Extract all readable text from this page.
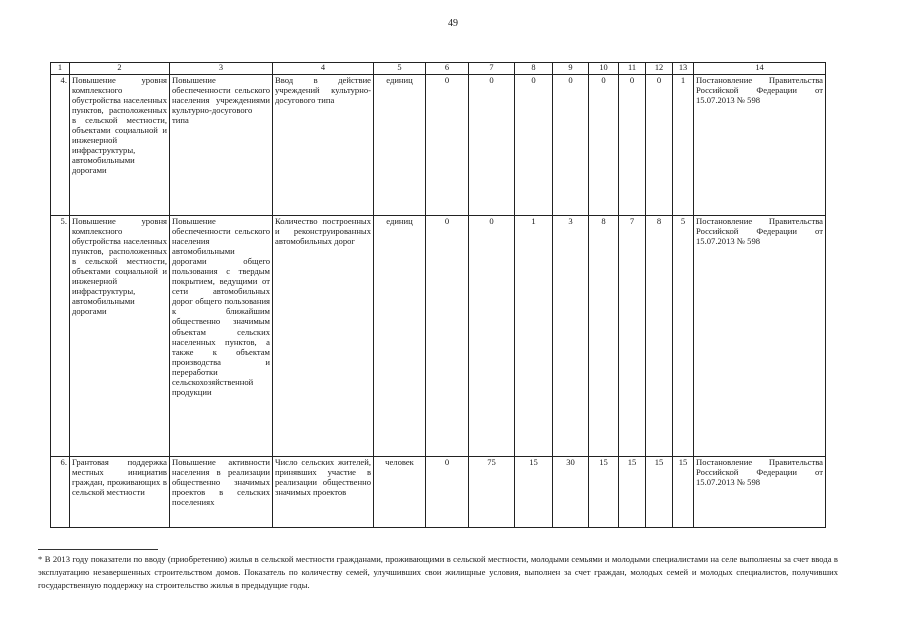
49
1	2	3	4	5	6	7	8	9	10	11	12	13	14
4.	Повышение уровня комплексного обустройства населенных пунктов, расположенных в сельской местности, объектами социальной и инженерной инфраструктуры, автомобильными дорогами	Повышение обеспеченности сельского населения учреждениями культурно-досугового типа	Ввод в действие учреждений культурно-досугового типа	единиц	0	0	0	0	0	0	0	1	Постановление Правительства Российской Федерации от 15.07.2013 № 598
5.	Повышение уровня комплексного обустройства населенных пунктов, расположенных в сельской местности, объектами социальной и инженерной инфраструктуры, автомобильными дорогами	Повышение обеспеченности сельского населения автомобильными дорогами общего пользования с твердым покрытием, ведущими от сети автомобильных дорог общего пользования к ближайшим общественно значимым объектам сельских населенных пунктов, а также к объектам производства и переработки сельскохозяйственной продукции	Количество построенных и реконструированных автомобильных дорог	единиц	0	0	1	3	8	7	8	5	Постановление Правительства Российской Федерации от 15.07.2013 № 598
6.	Грантовая поддержка местных инициатив граждан, проживающих в сельской местности	Повышение активности населения в реализации общественно значимых проектов в сельских поселениях	Число сельских жителей, принявших участие в реализации общественно значимых проектов	человек	0	75	15	30	15	15	15	15	Постановление Правительства Российской Федерации от 15.07.2013 № 598
* В 2013 году показатели по вводу (приобретению) жилья в сельской местности гражданами, проживающими в сельской местности, молодыми семьями и молодыми специалистами на селе выполнены за счет ввода в эксплуатацию незавершенных строительством домов. Показатель по количеству семей, улучшивших свои жилищные условия, выполнен за счет граждан, молодых семей и молодых специалистов, получивших государственную поддержку на строительство жилья в предыдущие годы.
